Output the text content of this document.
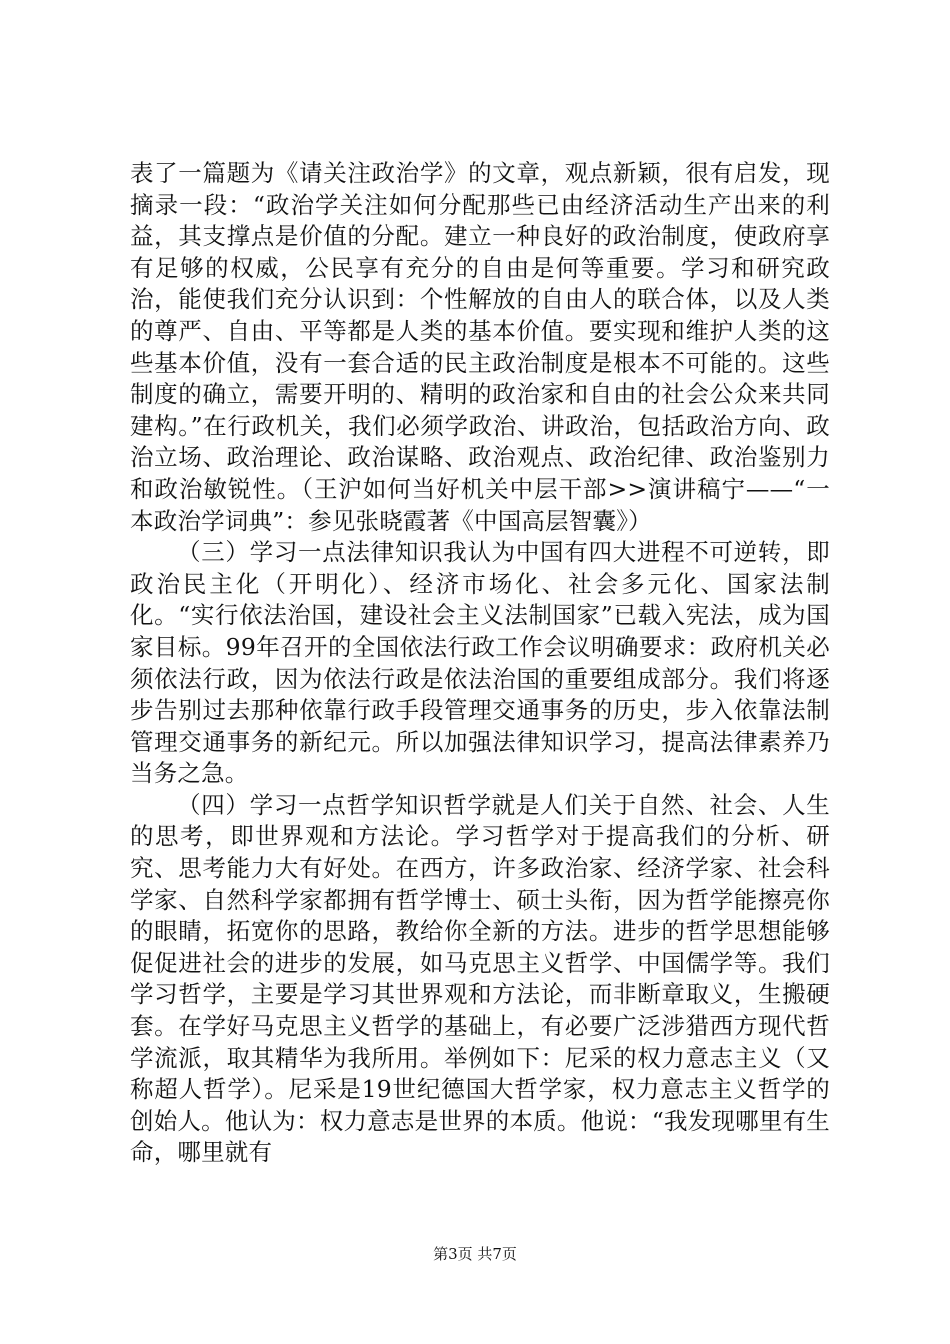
表了一篇题为《请关注政治学》的文章，观点新颖，很有启发，现摘录一段：“政治学关注如何分配那些已由经济活动生产出来的利益，其支撑点是价值的分配。建立一种良好的政治制度，使政府享有足够的权威，公民享有充分的自由是何等重要。学习和研究政治，能使我们充分认识到：个性解放的自由人的联合体，以及人类的尊严、自由、平等都是人类的基本价值。要实现和维护人类的这些基本价值，没有一套合适的民主政治制度是根本不可能的。这些制度的确立，需要开明的、精明的政治家和自由的社会公众来共同建构。”在行政机关，我们必须学政治、讲政治，包括政治方向、政治立场、政治理论、政治谋略、政治观点、政治纪律、政治鉴别力和政治敏锐性。（王沪如何当好机关中层干部>>演讲稿宁——“一本政治学词典”：参见张晓霞著《中国高层智囊》）

（三）学习一点法律知识我认为中国有四大进程不可逆转，即政治民主化（开明化）、经济市场化、社会多元化、国家法制化。“实行依法治国，建设社会主义法制国家”已载入宪法，成为国家目标。99年召开的全国依法行政工作会议明确要求：政府机关必须依法行政，因为依法行政是依法治国的重要组成部分。我们将逐步告别过去那种依靠行政手段管理交通事务的历史，步入依靠法制管理交通事务的新纪元。所以加强法律知识学习，提高法律素养乃当务之急。

（四）学习一点哲学知识哲学就是人们关于自然、社会、人生的思考，即世界观和方法论。学习哲学对于提高我们的分析、研究、思考能力大有好处。在西方，许多政治家、经济学家、社会科学家、自然科学家都拥有哲学博士、硕士头衔，因为哲学能擦亮你的眼睛，拓宽你的思路，教给你全新的方法。进步的哲学思想能够促促进社会的进步的发展，如马克思主义哲学、中国儒学等。我们学习哲学，主要是学习其世界观和方法论，而非断章取义，生搬硬套。在学好马克思主义哲学的基础上，有必要广泛涉猎西方现代哲学流派，取其精华为我所用。举例如下：尼采的权力意志主义（又称超人哲学）。尼采是19世纪德国大哲学家，权力意志主义哲学的创始人。他认为：权力意志是世界的本质。他说：“我发现哪里有生命，哪里就有

第3页 共7页
